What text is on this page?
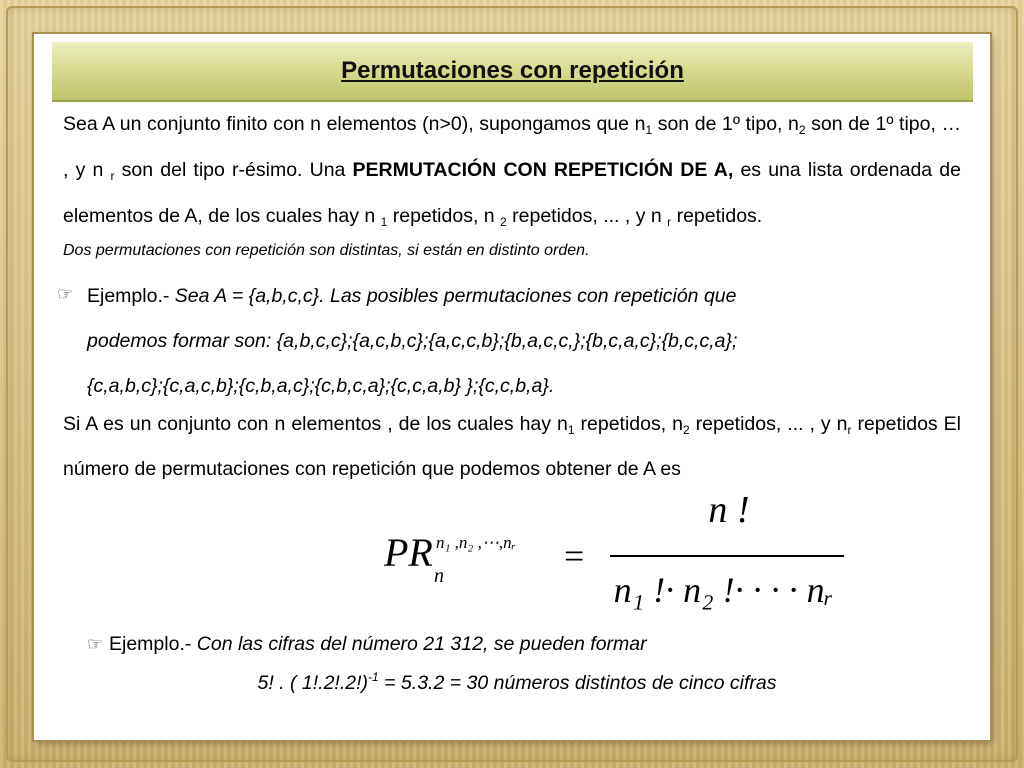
Permutaciones con repetición

Sea A un conjunto finito con n elementos (n>0), supongamos que $n_1$ son de 1º tipo, $n_2$ son de 1º tipo, … , y n $_r$ son del tipo r-ésimo. Una PERMUTACIÓN CON REPETICIÓN DE A, es una lista ordenada de elementos de A, de los cuales hay n $_1$ repetidos, n $_2$ repetidos, ... , y n $_r$ repetidos.

Dos permutaciones con repetición son distintas, si están en distinto orden.

☞ Ejemplo.- Sea A = {a,b,c,c}. Las posibles permutaciones con repetición que
podemos formar son: {a,b,c,c};{a,c,b,c};{a,c,c,b};{b,a,c,c,};{b,c,a,c};{b,c,c,a};
{c,a,b,c};{c,a,c,b};{c,b,a,c};{c,b,c,a};{c,c,a,b} };{c,c,b,a}.

Si A es un conjunto con n elementos , de los cuales hay $n_1$ repetidos, $n_2$ repetidos, ... , y $n_r$ repetidos El número de permutaciones con repetición que podemos obtener de A es

PR
n
n₁ ,n₂ ,⋯,nᵣ =
n !
n₁ !· n₂ !· · · · nᵣ !
☞ Ejemplo.- Con las cifras del número 21 312, se pueden formar

5! . ( 1!.2!.2!)$^{-1}$ = 5.3.2 = 30 números distintos de cinco cifras
